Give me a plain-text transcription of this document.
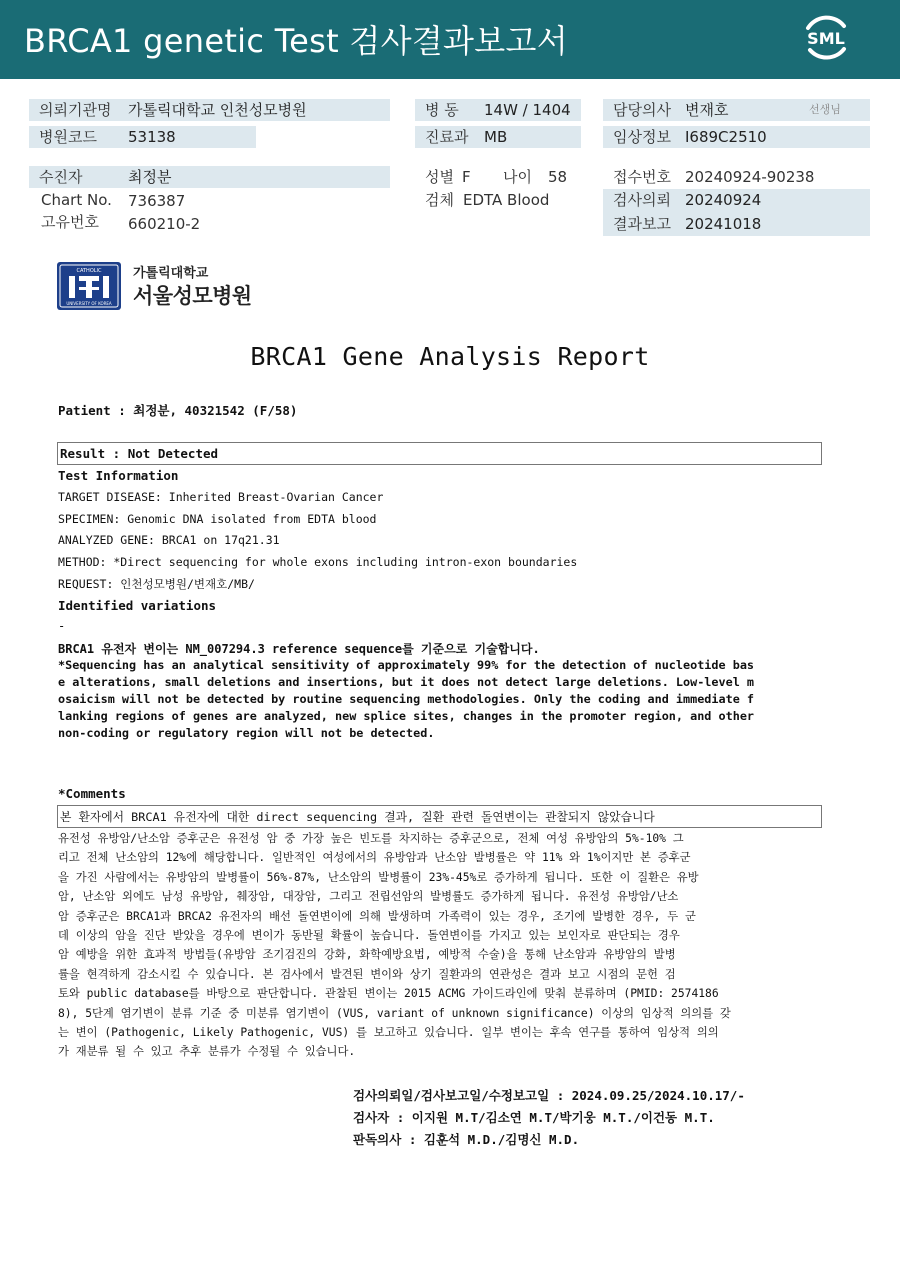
BRCA1 genetic Test 검사결과보고서	SML
의뢰기관명 가톨릭대학교 인천성모병원
병원코드 53138
병 동 14W / 1404
진료과 MB
담당의사 변재호	선생님
임상정보 I689C2510
수진자	최정분
Chart No. 736387
고유번호 660210-2
성별 F 나이 58
검체 EDTA Blood
접수번호 20240924-90238
검사의뢰 20240924
결과보고 20241018
CATHOLIC
UNIVERSITY OF KOREA
가톨릭대학교
서울성모병원
BRCA1 Gene Analysis Report
Patient : 최정분, 40321542 (F/58)
Result : Not Detected
Test Information
TARGET DISEASE: Inherited Breast-Ovarian Cancer
SPECIMEN: Genomic DNA isolated from EDTA blood
ANALYZED GENE: BRCA1 on 17q21.31
METHOD: *Direct sequencing for whole exons including intron-exon boundaries
REQUEST: 인천성모병원/변재호/MB/
Identified variations
-
BRCA1 유전자 변이는 NM_007294.3 reference sequence를 기준으로 기술합니다.
*Sequencing has an analytical sensitivity of approximately 99% for the detection of nucleotide bas
e alterations, small deletions and insertions, but it does not detect large deletions. Low-level m
osaicism will not be detected by routine sequencing methodologies. Only the coding and immediate f
lanking regions of genes are analyzed, new splice sites, changes in the promoter region, and other
non-coding or regulatory region will not be detected.
*Comments
본 환자에서 BRCA1 유전자에 대한 direct sequencing 결과, 질환 관련 돌연변이는 관찰되지 않았습니다
유전성 유방암/난소암 증후군은 유전성 암 중 가장 높은 빈도를 차지하는 증후군으로, 전체 여성 유방암의 5%-10% 그
리고 전체 난소암의 12%에 해당합니다. 일반적인 여성에서의 유방암과 난소암 발병률은 약 11% 와 1%이지만 본 증후군
을 가진 사람에서는 유방암의 발병률이 56%-87%, 난소암의 발병률이 23%-45%로 증가하게 됩니다. 또한 이 질환은 유방
암, 난소암 외에도 남성 유방암, 췌장암, 대장암, 그리고 전립선암의 발병률도 증가하게 됩니다. 유전성 유방암/난소
암 증후군은 BRCA1과 BRCA2 유전자의 배선 돌연변이에 의해 발생하며 가족력이 있는 경우, 조기에 발병한 경우, 두 군
데 이상의 암을 진단 받았을 경우에 변이가 동반될 확률이 높습니다. 돌연변이를 가지고 있는 보인자로 판단되는 경우
암 예방을 위한 효과적 방법들(유방암 조기검진의 강화, 화학예방요법, 예방적 수술)을 통해 난소암과 유방암의 발병
률을 현격하게 감소시킬 수 있습니다. 본 검사에서 발견된 변이와 상기 질환과의 연관성은 결과 보고 시점의 문헌 검
토와 public database를 바탕으로 판단합니다. 관찰된 변이는 2015 ACMG 가이드라인에 맞춰 분류하며 (PMID: 2574186
8), 5단계 염기변이 분류 기준 중 미분류 염기변이 (VUS, variant of unknown significance) 이상의 임상적 의의를 갖
는 변이 (Pathogenic, Likely Pathogenic, VUS) 를 보고하고 있습니다. 일부 변이는 후속 연구를 통하여 임상적 의의
가 재분류 될 수 있고 추후 분류가 수정될 수 있습니다.
검사의뢰일/검사보고일/수정보고일 : 2024.09.25/2024.10.17/-
검사자 : 이지원 M.T/김소연 M.T/박기웅 M.T./이건동 M.T.
판독의사 : 김훈석 M.D./김명신 M.D.
